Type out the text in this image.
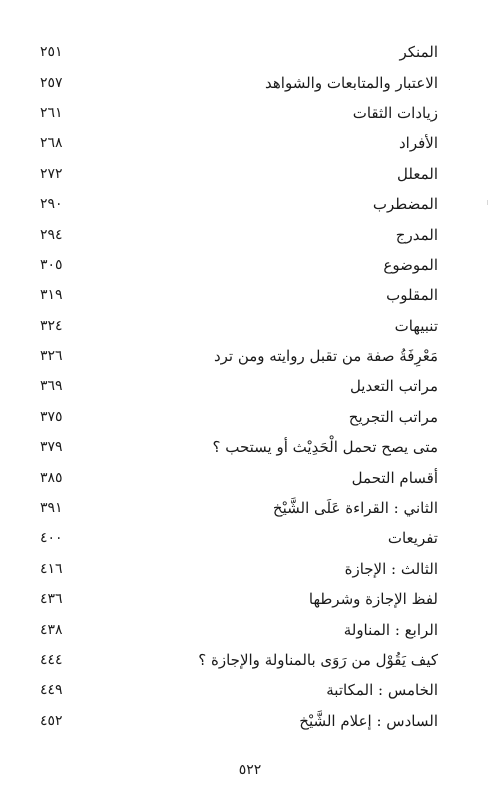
المنكر
٢٥١
الاعتبار والمتابعات والشواهد
٢٥٧
زيادات الثقات
٢٦١
الأفراد
٢٦٨
المعلل
٢٧٢
المضطرب
٢٩٠
المدرج
٢٩٤
الموضوع
٣٠٥
المقلوب
٣١٩
تنبيهات
٣٢٤
مَعْرِفَةُ صفة من تقبل روايته ومن ترد
٣٢٦
مراتب التعديل
٣٦٩
مراتب التجريح
٣٧٥
متى يصح تحمل الْحَدِيْث أو يستحب ؟
٣٧٩
أقسام التحمل
٣٨٥
الثاني : القراءة عَلَى الشَّيْخ
٣٩١
تفريعات
٤٠٠
الثالث : الإجازة
٤١٦
لفظ الإجازة وشرطها
٤٣٦
الرابع : المناولة
٤٣٨
كيف يَقُوْل من رَوَى بالمناولة والإجازة ؟
٤٤٤
الخامس : المكاتبة
٤٤٩
السادس : إعلام الشَّيْخ
٤٥٢
٥٢٢
